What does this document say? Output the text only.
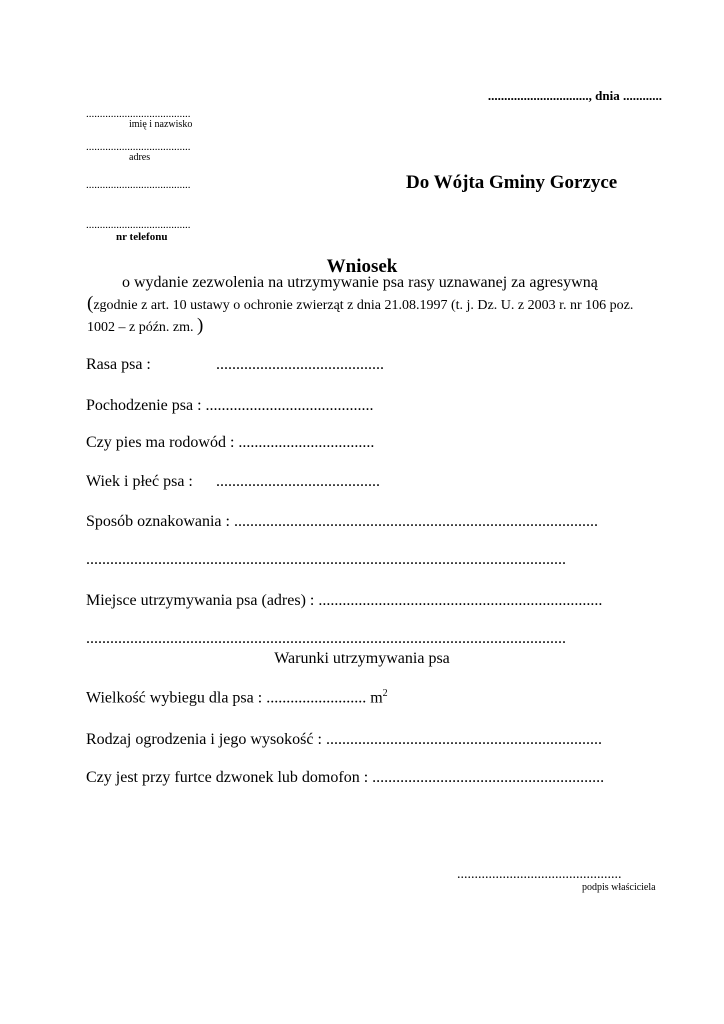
..............................., dnia ............
......................................
imię i nazwisko
......................................
adres
......................................	Do Wójta Gminy Gorzyce
......................................
nr telefonu
Wniosek
o wydanie zezwolenia na utrzymywanie psa rasy uznawanej za agresywną
(zgodnie z art. 10 ustawy o ochronie zwierząt z dnia 21.08.1997 (t. j. Dz. U. z 2003 r. nr 106 poz.
1002 – z późn. zm. )
Rasa psa :	..........................................
Pochodzenie psa : ..........................................
Czy pies ma rodowód : ..................................
Wiek i płeć psa : .........................................
Sposób oznakowania : ...........................................................................................
........................................................................................................................
Miejsce utrzymywania psa (adres) : .......................................................................
........................................................................................................................
Warunki utrzymywania psa
Wielkość wybiegu dla psa : ......................... $m^2$
Rodzaj ogrodzenia i jego wysokość : .....................................................................
Czy jest przy furtce dzwonek lub domofon : ..........................................................
...............................................
podpis właściciela
